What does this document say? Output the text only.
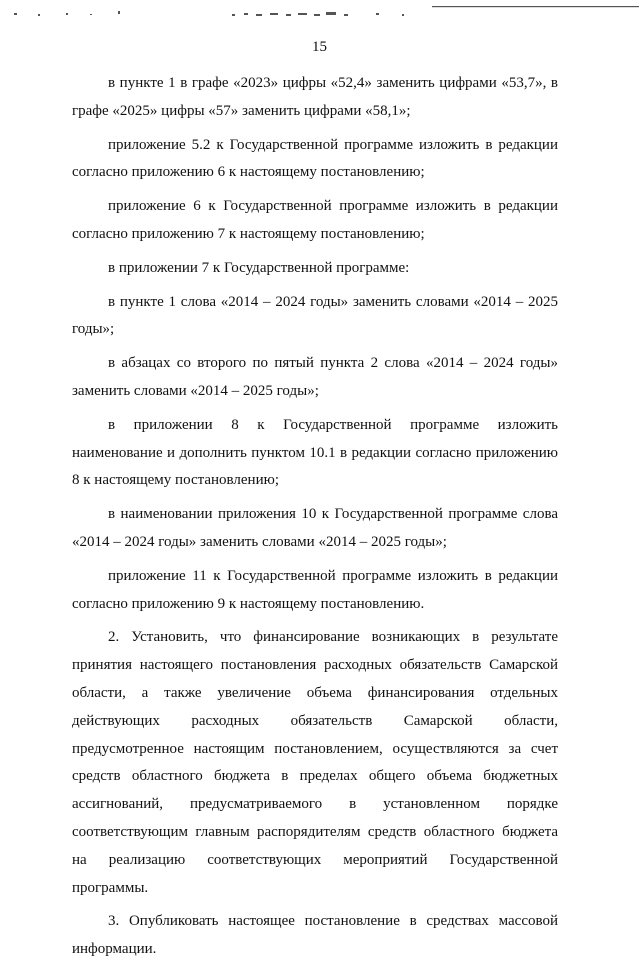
15

в пункте 1 в графе «2023» цифры «52,4» заменить цифрами «53,7», в графе «2025» цифры «57» заменить цифрами «58,1»;

приложение 5.2 к Государственной программе изложить в редакции согласно приложению 6 к настоящему постановлению;

приложение 6 к Государственной программе изложить в редакции согласно приложению 7 к настоящему постановлению;

в приложении 7 к Государственной программе:

в пункте 1 слова «2014 – 2024 годы» заменить словами «2014 – 2025 годы»;

в абзацах со второго по пятый пункта 2 слова «2014 – 2024 годы» заменить словами «2014 – 2025 годы»;

в приложении 8 к Государственной программе изложить наименование и дополнить пунктом 10.1 в редакции согласно приложению 8 к настоящему постановлению;

в наименовании приложения 10 к Государственной программе слова «2014 – 2024 годы» заменить словами «2014 – 2025 годы»;

приложение 11 к Государственной программе изложить в редакции согласно приложению 9 к настоящему постановлению.

2. Установить, что финансирование возникающих в результате принятия настоящего постановления расходных обязательств Самарской области, а также увеличение объема финансирования отдельных действующих расходных обязательств Самарской области, предусмотренное настоящим постановлением, осуществляются за счет средств областного бюджета в пределах общего объема бюджетных ассигнований, предусматриваемого в установленном порядке соответствующим главным распорядителям средств областного бюджета на реализацию соответствующих мероприятий Государственной программы.

3. Опубликовать настоящее постановление в средствах массовой информации.
